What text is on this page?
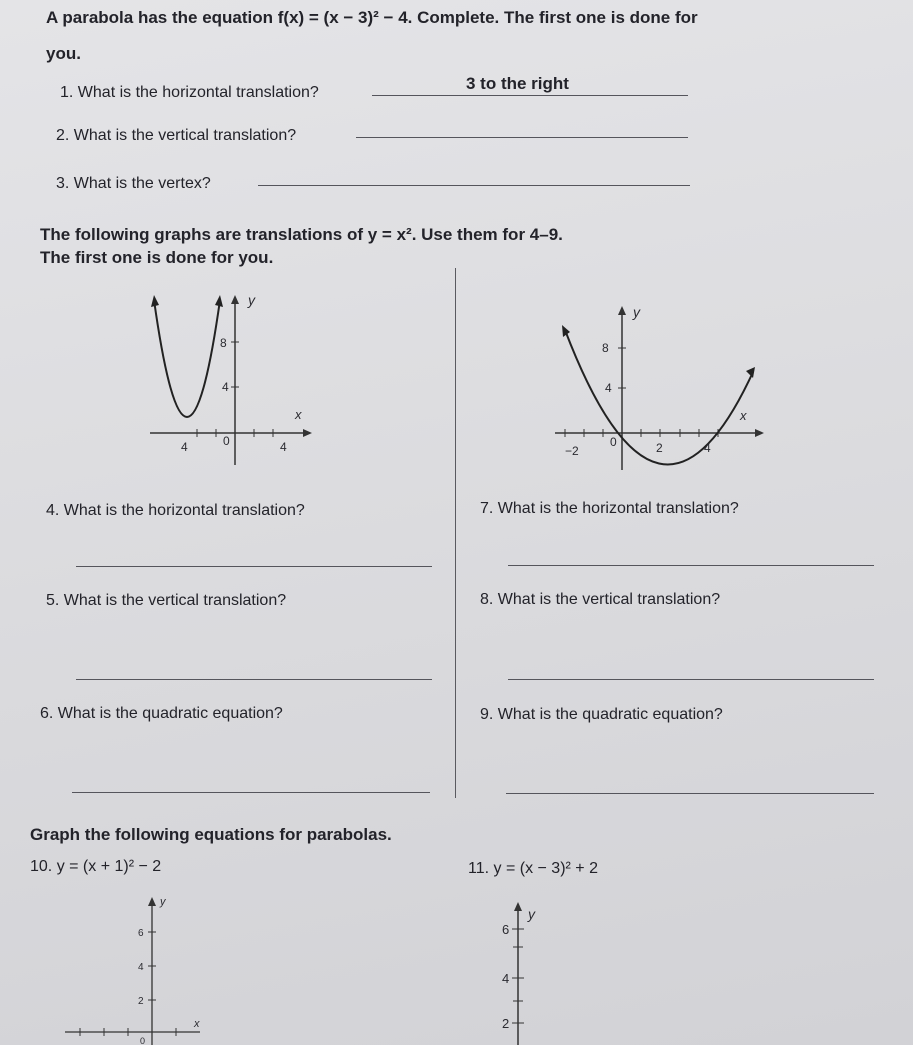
A parabola has the equation f(x) = (x − 3)² − 4. Complete. The first one is done for
you.
1. What is the horizontal translation?	3 to the right
2. What is the vertical translation?
3. What is the vertex?
The following graphs are translations of y = x². Use them for 4–9.
The first one is done for you.
y
x
8
4
4	0	4
y
x
8
4
−2
0	2	4
4. What is the horizontal translation?
5. What is the vertical translation?
6. What is the quadratic equation?
7. What is the horizontal translation?
8. What is the vertical translation?
9. What is the quadratic equation?
Graph the following equations for parabolas.
10. y = (x + 1)² − 2	11. y = (x − 3)² + 2
y
x
6
4
2
0
y
6
4
2
